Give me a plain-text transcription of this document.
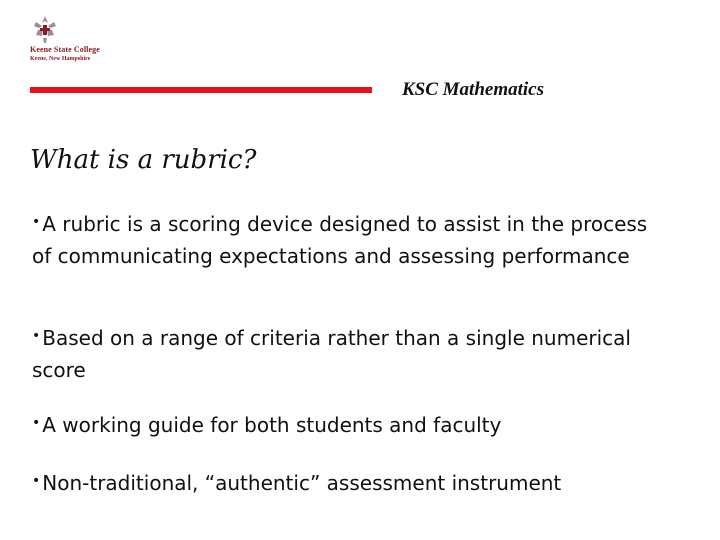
Keene State College
Keene, New Hampshire
KSC Mathematics
What is a rubric?
• A rubric is a scoring device designed to assist in the process of communicating expectations and assessing performance
• Based on a range of criteria rather than a single numerical score
• A working guide for both students and faculty
• Non-traditional, “authentic” assessment instrument
